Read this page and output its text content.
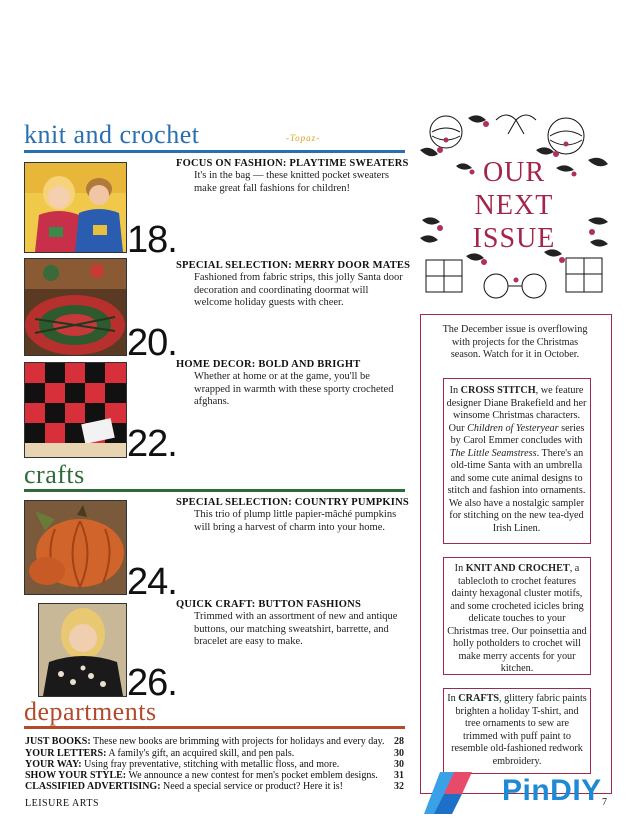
knit and crochet	-Topaz-
18.
FOCUS ON FASHION: PLAYTIME SWEATERS
It's in the bag — these knitted pocket sweaters make great fall fashions for children!
20.
SPECIAL SELECTION: MERRY DOOR MATES
Fashioned from fabric strips, this jolly Santa door decoration and coordinating doormat will welcome holiday guests with cheer.
22.
HOME DECOR: BOLD AND BRIGHT
Whether at home or at the game, you'll be wrapped in warmth with these sporty crocheted afghans.
crafts
24.
SPECIAL SELECTION: COUNTRY PUMPKINS
This trio of plump little papier-mâché pumpkins will bring a harvest of charm into your home.
26.
QUICK CRAFT: BUTTON FASHIONS
Trimmed with an assortment of new and antique buttons, our matching sweatshirt, barrette, and bracelet are easy to make.
departments
JUST BOOKS: These new books are brimming with projects for holidays and every day. 28
YOUR LETTERS: A family's gift, an acquired skill, and pen pals.	30
YOUR WAY: Using fray preventative, stitching with metallic floss, and more.	30
SHOW YOUR STYLE: We announce a new contest for men's pocket emblem designs. 31
CLASSIFIED ADVERTISING: Need a special service or product? Here it is!	32
LEISURE ARTS
OUR
NEXT
ISSUE
The December issue is overflowing with projects for the Christmas season. Watch for it in October.
In CROSS STITCH, we feature designer Diane Brakefield and her winsome Christmas characters. Our Children of Yesteryear series by Carol Emmer concludes with The Little Seamstress. There's an old-time Santa with an umbrella and some cute animal designs to stitch and fashion into ornaments. We also have a nostalgic sampler for stitching on the new tea-dyed Irish Linen.
In KNIT AND CROCHET, a tablecloth to crochet features dainty hexagonal cluster motifs, and some crocheted icicles bring delicate touches to your Christmas tree. Our poinsettia and holly potholders to crochet will make merry accents for your kitchen.
In CRAFTS, glittery fabric paints brighten a holiday T-shirt, and tree ornaments to sew are trimmed with puff paint to resemble old-fashioned redwork embroidery.
PinDIY 7
